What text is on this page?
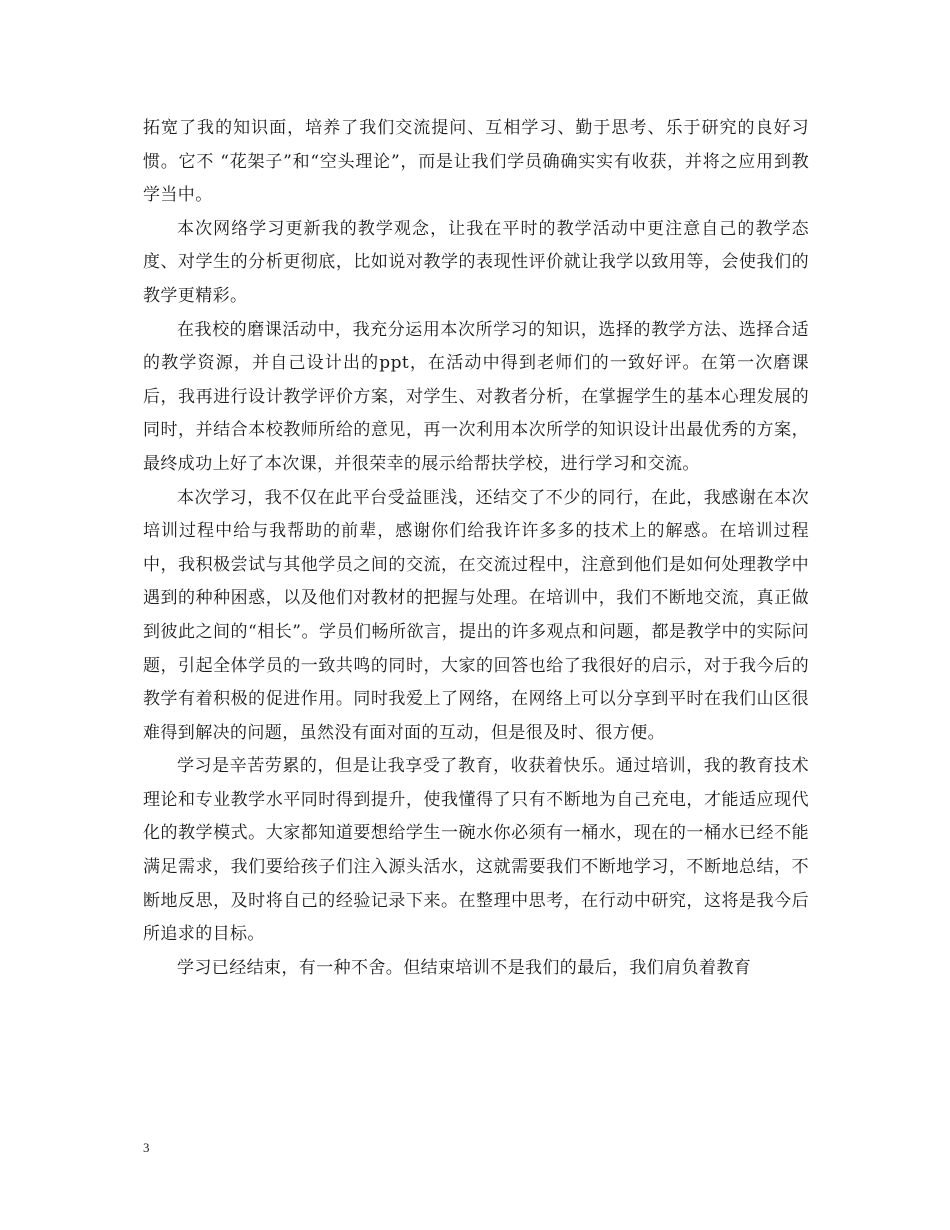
拓宽了我的知识面，培养了我们交流提问、互相学习、勤于思考、乐于研究的良好习惯。它不 “花架子”和“空头理论”，而是让我们学员确确实实有收获，并将之应用到教学当中。

本次网络学习更新我的教学观念，让我在平时的教学活动中更注意自己的教学态度、对学生的分析更彻底，比如说对教学的表现性评价就让我学以致用等，会使我们的教学更精彩。

在我校的磨课活动中，我充分运用本次所学习的知识，选择的教学方法、选择合适的教学资源，并自己设计出的ppt，在活动中得到老师们的一致好评。在第一次磨课后，我再进行设计教学评价方案，对学生、对教者分析，在掌握学生的基本心理发展的同时，并结合本校教师所给的意见，再一次利用本次所学的知识设计出最优秀的方案，最终成功上好了本次课，并很荣幸的展示给帮扶学校，进行学习和交流。

本次学习，我不仅在此平台受益匪浅，还结交了不少的同行，在此，我感谢在本次培训过程中给与我帮助的前辈，感谢你们给我许许多多的技术上的解惑。在培训过程中，我积极尝试与其他学员之间的交流，在交流过程中，注意到他们是如何处理教学中遇到的种种困惑，以及他们对教材的把握与处理。在培训中，我们不断地交流，真正做到彼此之间的“相长”。学员们畅所欲言，提出的许多观点和问题，都是教学中的实际问题，引起全体学员的一致共鸣的同时，大家的回答也给了我很好的启示，对于我今后的教学有着积极的促进作用。同时我爱上了网络，在网络上可以分享到平时在我们山区很难得到解决的问题，虽然没有面对面的互动，但是很及时、很方便。

学习是辛苦劳累的，但是让我享受了教育，收获着快乐。通过培训，我的教育技术理论和专业教学水平同时得到提升，使我懂得了只有不断地为自己充电，才能适应现代化的教学模式。大家都知道要想给学生一碗水你必须有一桶水，现在的一桶水已经不能满足需求，我们要给孩子们注入源头活水，这就需要我们不断地学习，不断地总结，不断地反思，及时将自己的经验记录下来。在整理中思考，在行动中研究，这将是我今后所追求的目标。

学习已经结束，有一种不舍。但结束培训不是我们的最后，我们肩负着教育

3
